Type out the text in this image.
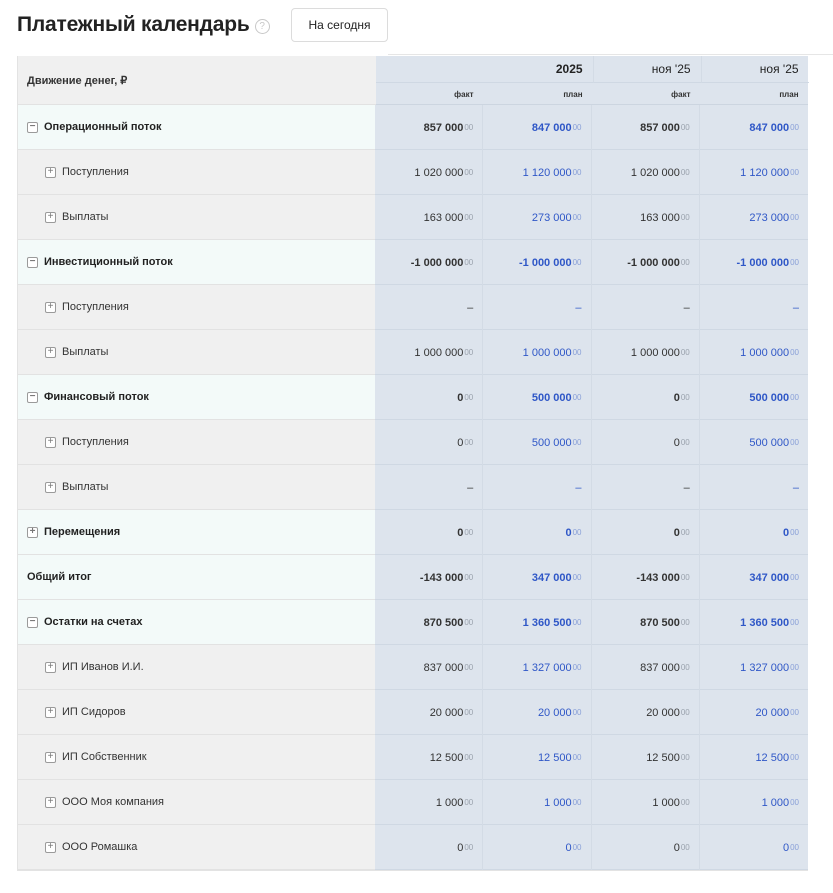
Платежный календарь ?	На сегодня
Движение денег, ₽
2025	ноя '25	ноя '25
факт	план	факт	план
− Операционный поток	857 000 00	847 000 00	857 000 00	847 000 00
+ Поступления	1 020 000 00	1 120 000 00	1 020 000 00	1 120 000 00
+ Выплаты	163 000 00	273 000 00	163 000 00	273 000 00
− Инвестиционный поток	-1 000 000 00	-1 000 000 00	-1 000 000 00	-1 000 000 00
+ Поступления	–	–	–	–
+ Выплаты	1 000 000 00	1 000 000 00	1 000 000 00	1 000 000 00
− Финансовый поток	0 00	500 000 00	0 00	500 000 00
+ Поступления	0 00	500 000 00	0 00	500 000 00
+ Выплаты	–	–	–	–
+ Перемещения	0 00	0 00	0 00	0 00
Общий итог	-143 000 00	347 000 00	-143 000 00	347 000 00
− Остатки на счетах	870 500 00	1 360 500 00	870 500 00	1 360 500 00
+ ИП Иванов И.И.	837 000 00	1 327 000 00	837 000 00	1 327 000 00
+ ИП Сидоров	20 000 00	20 000 00	20 000 00	20 000 00
+ ИП Собственник	12 500 00	12 500 00	12 500 00	12 500 00
+ ООО Моя компания	1 000 00	1 000 00	1 000 00	1 000 00
+ ООО Ромашка	0 00	0 00	0 00	0 00
